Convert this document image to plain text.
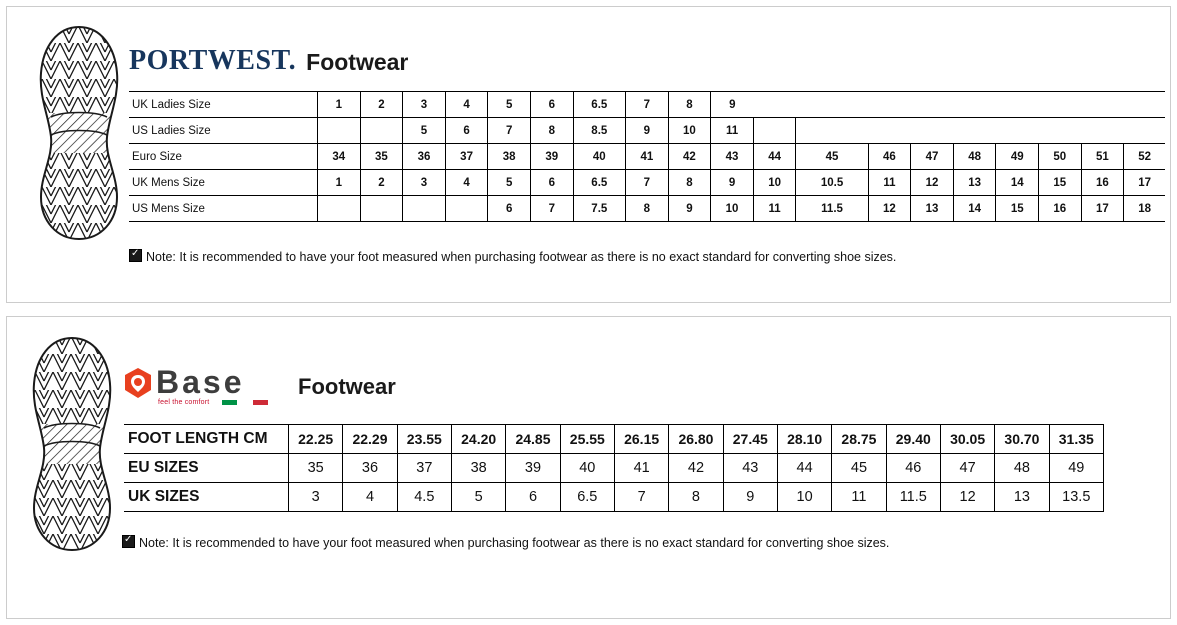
PORTWEST. Footwear
UK Ladies Size	1	2	3	4	5	6	6.5	7	8	9									
US Ladies Size			5	6	7	8	8.5	9	10	11									
Euro Size	34	35	36	37	38	39	40	41	42	43	44	45	46	47	48	49	50	51	52
UK Mens Size	1	2	3	4	5	6	6.5	7	8	9	10	10.5	11	12	13	14	15	16	17
US Mens Size					6	7	7.5	8	9	10	11	11.5	12	13	14	15	16	17	18
✓Note: It is recommended to have your foot measured when purchasing footwear as there is no exact standard for converting shoe sizes.
Base
feel the comfort
Footwear
FOOT LENGTH CM	22.25	22.29	23.55	24.20	24.85	25.55	26.15	26.80	27.45	28.10	28.75	29.40	30.05	30.70	31.35
EU SIZES	35	36	37	38	39	40	41	42	43	44	45	46	47	48	49
UK SIZES	3	4	4.5	5	6	6.5	7	8	9	10	11	11.5	12	13	13.5
✓Note: It is recommended to have your foot measured when purchasing footwear as there is no exact standard for converting shoe sizes.
